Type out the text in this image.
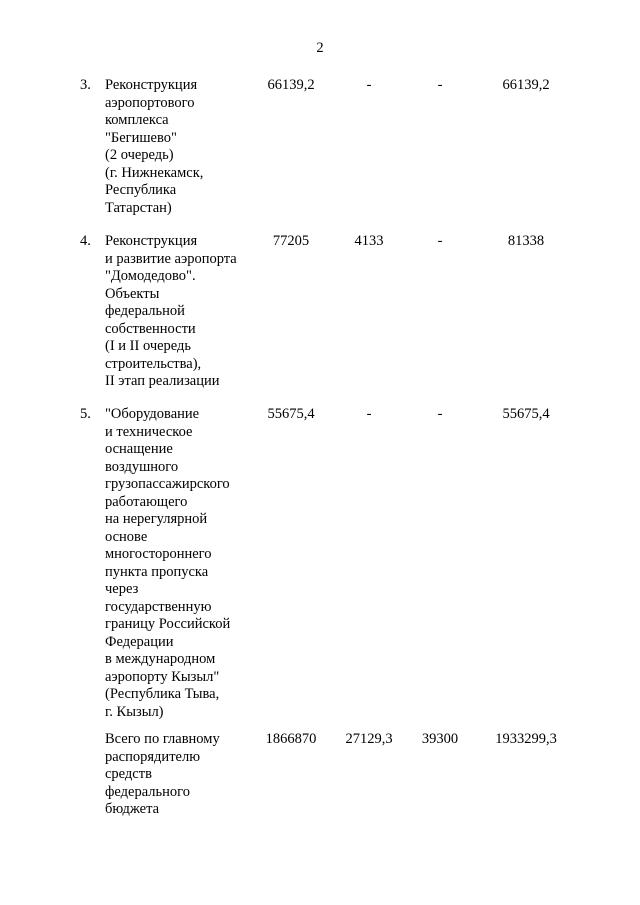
2
3. Реконструкция
аэропортового
комплекса
"Бегишево"
(2 очередь)
(г. Нижнекамск,
Республика
Татарстан)
66139,2	-	-	66139,2
4. Реконструкция
и развитие аэропорта
"Домодедово".
Объекты
федеральной
собственности
(I и II очередь
строительства),
II этап реализации
77205	4133	-	81338
5. "Оборудование
и техническое
оснащение
воздушного
грузопассажирского
работающего
на нерегулярной
основе
многостороннего
пункта пропуска
через
государственную
границу Российской
Федерации
в международном
аэропорту Кызыл"
(Республика Тыва,
г. Кызыл)
55675,4	-	-	55675,4
Всего по главному
распорядителю
средств
федерального
бюджета
1866870	27129,3	39300	1933299,3
